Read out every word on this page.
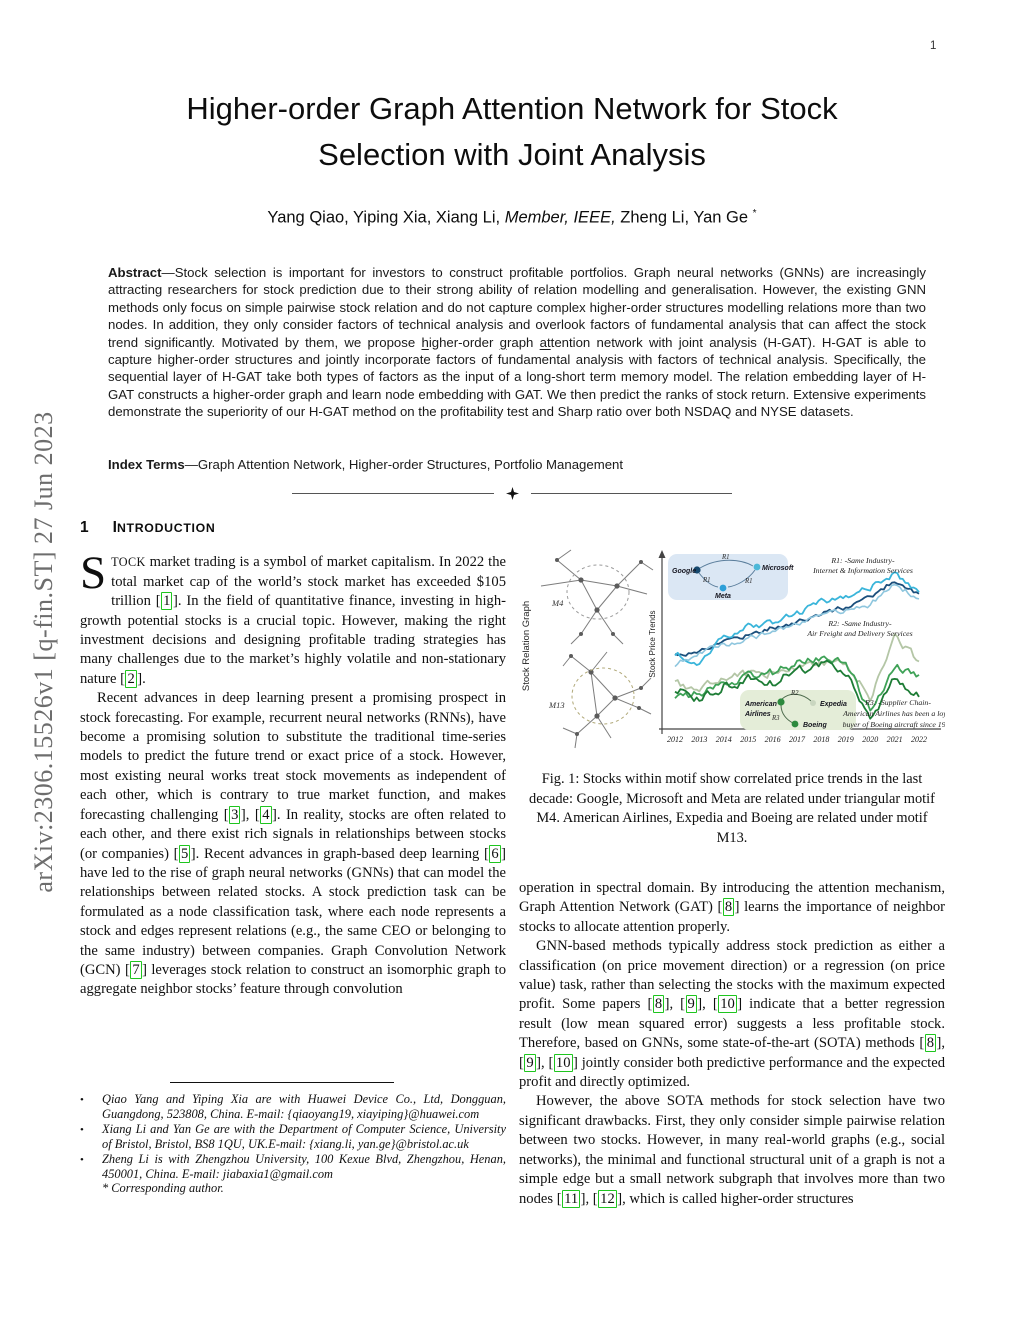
1
arXiv:2306.15526v1 [q-fin.ST] 27 Jun 2023
Higher-order Graph Attention Network for Stock
Selection with Joint Analysis
Yang Qiao, Yiping Xia, Xiang Li, Member, IEEE, Zheng Li, Yan Ge *
Abstract—Stock selection is important for investors to construct profitable portfolios. Graph neural networks (GNNs) are increasingly attracting researchers for stock prediction due to their strong ability of relation modelling and generalisation. However, the existing GNN methods only focus on simple pairwise stock relation and do not capture complex higher-order structures modelling relations more than two nodes. In addition, they only consider factors of technical analysis and overlook factors of fundamental analysis that can affect the stock trend significantly. Motivated by them, we propose higher-order graph attention network with joint analysis (H-GAT). H-GAT is able to capture higher-order structures and jointly incorporate factors of fundamental analysis with factors of technical analysis. Specifically, the sequential layer of H-GAT take both types of factors as the input of a long-short term memory model. The relation embedding layer of H-GAT constructs a higher-order graph and learn node embedding with GAT. We then predict the ranks of stock return. Extensive experiments demonstrate the superiority of our H-GAT method on the profitability test and Sharp ratio over both NSDAQ and NYSE datasets.
Index Terms—Graph Attention Network, Higher-order Structures, Portfolio Management
1 INTRODUCTION

STOCK market trading is a symbol of market capitalism. In 2022 the total market cap of the world’s stock market has exceeded $105 trillion [ 1 ]. In the field of quantitative finance, investing in high-growth potential stocks is a crucial topic. However, making the right investment decisions and designing profitable trading strategies has many challenges due to the market’s highly volatile and non-stationary nature [ 2 ].

Recent advances in deep learning present a promising prospect in stock forecasting. For example, recurrent neural networks (RNNs), have become a promising solution to substitute the traditional time-series models to predict the future trend or exact price of a stock. However, most existing neural works treat stock movements as independent of each other, which is contrary to true market function, and makes forecasting challenging [ 3 ], [ 4 ]. In reality, stocks are often related to each other, and there exist rich signals in relationships between stocks (or companies) [ 5 ]. Recent advances in graph-based deep learning [ 6 ] have led to the rise of graph neural networks (GNNs) that can model the relationships between related stocks. A stock prediction task can be formulated as a node classification task, where each node represents a stock and edges represent relations (e.g., the same CEO or belonging to the same industry) between companies. Graph Convolution Network (GCN) [ 7 ] leverages stock relation to construct an isomorphic graph to aggregate neighbor stocks’ feature through convolution

•	Qiao Yang and Yiping Xia are with Huawei Device Co., Ltd, Dongguan, Guangdong, 523808, China. E-mail: {qiaoyang19, xiayiping}@huawei.com
•	Xiang Li and Yan Ge are with the Department of Computer Science, University of Bristol, Bristol, BS8 1QU, UK.E-mail: {xiang.li, yan.ge}@bristol.ac.uk
•	Zheng Li is with Zhengzhou University, 100 Kexue Blvd, Zhengzhou, Henan, 450001, China. E-mail: jiabaxia1@gmail.com
* Corresponding author.
Stock Relation Graph	Stock Price Trends
M4
M13
2012 2013 2014 2015 2016 2017 2018 2019 2020 2021 2022
Google	Microsoft
Meta
R1
R1	R1
R1: -Same Industry-
Internet & Information Services
R2: -Same Industry-
Air Freight and Delivery Services
American
Airlines
Expedia
Boeing
R2
R3
R3: -Supplier Chain-
American Airlines has been a loyal
buyer of Boeing aircraft since 1936
Fig. 1: Stocks within motif show correlated price trends in the last decade: Google, Microsoft and Meta are related under triangular motif M4. American Airlines, Expedia and Boeing are related under motif M13.

operation in spectral domain. By introducing the attention mechanism, Graph Attention Network (GAT) [ 8 ] learns the importance of neighbor stocks to allocate attention properly.

GNN-based methods typically address stock prediction as either a classification (on price movement direction) or a regression (on price value) task, rather than selecting the stocks with the maximum expected profit. Some papers [ 8 ], [ 9 ], [ 10 ] indicate that a better regression result (low mean squared error) suggests a less profitable stock. Therefore, based on GNNs, some state-of-the-art (SOTA) methods [ 8 ], [ 9 ], [ 10 ] jointly consider both predictive performance and the expected profit and directly optimized.

However, the above SOTA methods for stock selection have two significant drawbacks. First, they only consider simple pairwise relation between two stocks. However, in many real-world graphs (e.g., social networks), the minimal and functional structural unit of a graph is not a simple edge but a small network subgraph that involves more than two nodes [ 11 ], [ 12 ], which is called higher-order structures
